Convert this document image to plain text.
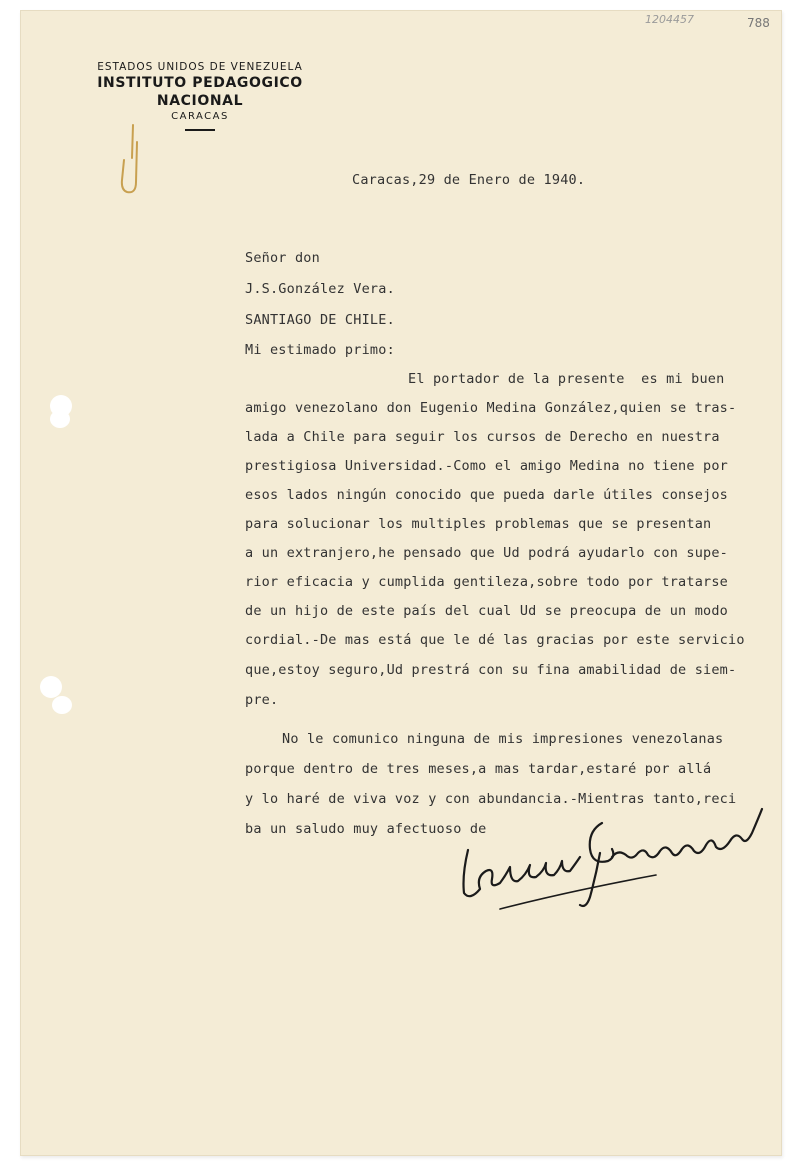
1204457	788
ESTADOS UNIDOS DE VENEZUELA
INSTITUTO PEDAGOGICO NACIONAL
CARACAS
Caracas,29 de Enero de 1940.
Señor don
J.S.González Vera.
SANTIAGO DE CHILE.
Mi estimado primo:
El portador de la presente  es mi buen
amigo venezolano don Eugenio Medina González,quien se tras-
lada a Chile para seguir los cursos de Derecho en nuestra
prestigiosa Universidad.-Como el amigo Medina no tiene por
esos lados ningún conocido que pueda darle útiles consejos
para solucionar los multiples problemas que se presentan
a un extranjero,he pensado que Ud podrá ayudarlo con supe-
rior eficacia y cumplida gentileza,sobre todo por tratarse
de un hijo de este país del cual Ud se preocupa de un modo
cordial.-De mas está que le dé las gracias por este servicio
que,estoy seguro,Ud prestrá con su fina amabilidad de siem-
pre.
No le comunico ninguna de mis impresiones venezolanas
porque dentro de tres meses,a mas tardar,estaré por allá
y lo haré de viva voz y con abundancia.-Mientras tanto,reci
ba un saludo muy afectuoso de
